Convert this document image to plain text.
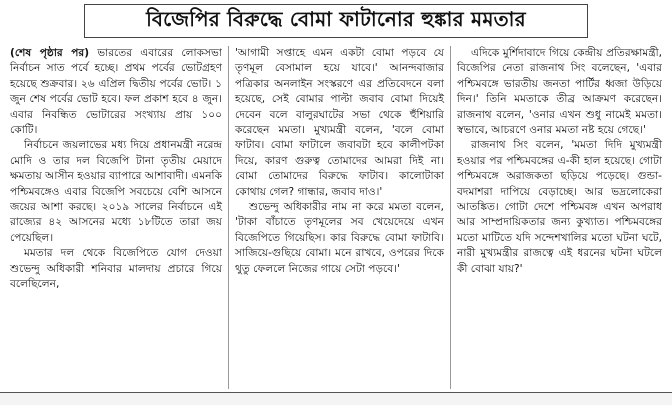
বিজেপির বিরুদ্ধে বোমা ফাটানোর হুঙ্কার মমতার

(শেষ পৃষ্ঠার পর) ভারতের এবারের লোকসভা নির্বাচন সাত পর্বে হচ্ছে। প্রথম পর্বের ভোটগ্রহণ হয়েছে শুক্রবার। ২৬ এপ্রিল দ্বিতীয় পর্বের ভোট। ১ জুন শেষ পর্বের ভোট হবে। ফল প্রকাশ হবে ৪ জুন। এবার নিবন্ধিত ভোটারের সংখ্যায় প্রায় ১০০ কোটি।

নির্বাচনে জয়লাভের মধ্য দিয়ে প্রধানমন্ত্রী নরেন্দ্র মোদি ও তার দল বিজেপি টানা তৃতীয় মেয়াদে ক্ষমতায় আসীন হওয়ার ব্যাপারে আশাবাদী। এমনকি পশ্চিমবঙ্গেও এবার বিজেপি সবচেয়ে বেশি আসনে জয়ের আশা করছে। ২০১৯ সালের নির্বাচনে এই রাজ্যের ৪২ আসনের মধ্যে ১৮টিতে তারা জয় পেয়েছিল।

মমতার দল থেকে বিজেপিতে যোগ দেওয়া শুভেন্দু অধিকারী শনিবার মালদায় প্রচারে গিয়ে বলেছিলেন,

'আগামী সপ্তাহে এমন একটা বোমা পড়বে যে তৃণমূল বেসামাল হয়ে যাবে।' আনন্দবাজার পত্রিকার অনলাইন সংস্করণে এর প্রতিবেদনে বলা হয়েছে, সেই বোমার পাল্টা জবাব বোমা দিয়েই দেবেন বলে বালুরঘাটের সভা থেকে হুঁশিয়ারি করেছেন মমতা। মুখ্যমন্ত্রী বলেন, 'বলে বোমা ফাটাব। বোমা ফাটালে জবাবটা হবে কালীপটকা দিয়ে, কারণ গুরুত্ব তোমাদের আমরা দিই না। বোমা তোমাদের বিরুদ্ধে ফাটাব। কালোটাকা কোথায় গেল? গান্ধার, জবাব দাও।'

শুভেন্দু অধিকারীর নাম না করে মমতা বলেন, 'টাকা বাঁচাতে তৃণমূলের সব খেয়েদেয়ে এখন বিজেপিতে গিয়েছিস। কার বিরুদ্ধে বোমা ফাটাবি। সাজিয়ে-গুছিয়ে বোমা। মনে রাখবে, ওপরের দিকে থুতু ফেললে নিজের গায়ে সেটা পড়বে।'

এদিকে মুর্শিদাবাদে গিয়ে কেন্দ্রীয় প্রতিরক্ষামন্ত্রী, বিজেপির নেতা রাজনাথ সিং বলেছেন, 'এবার পশ্চিমবঙ্গে ভারতীয় জনতা পার্টির ধ্বজা উড়িয়ে দিন।' তিনি মমতাকে তীব্র আক্রমণ করেছেন। রাজনাথ বলেন, 'ওনার এখন শুধু নামেই মমতা। স্বভাবে, আচরণে ওনার মমতা নষ্ট হয়ে গেছে।'

রাজনাথ সিং বলেন, 'মমতা দিদি মুখ্যমন্ত্রী হওয়ার পর পশ্চিমবঙ্গের এ-কী হাল হয়েছে। গোটা পশ্চিমবঙ্গে অরাজকতা ছড়িয়ে পড়েছে। গুন্ডা-বদমাশরা দাপিয়ে বেড়াচ্ছে। আর ভদ্রলোকেরা আতঙ্কিত। গোটা দেশে পশ্চিমবঙ্গ এখন অপরাধ আর সাম্প্রদায়িকতার জন্য কুখ্যাত। পশ্চিমবঙ্গের মতো মাটিতে যদি সন্দেশখালির মতো ঘটনা ঘটে, নারী মুখ্যমন্ত্রীর রাজত্বে এই ধরনের ঘটনা ঘটলে কী বোঝা যায়?'
